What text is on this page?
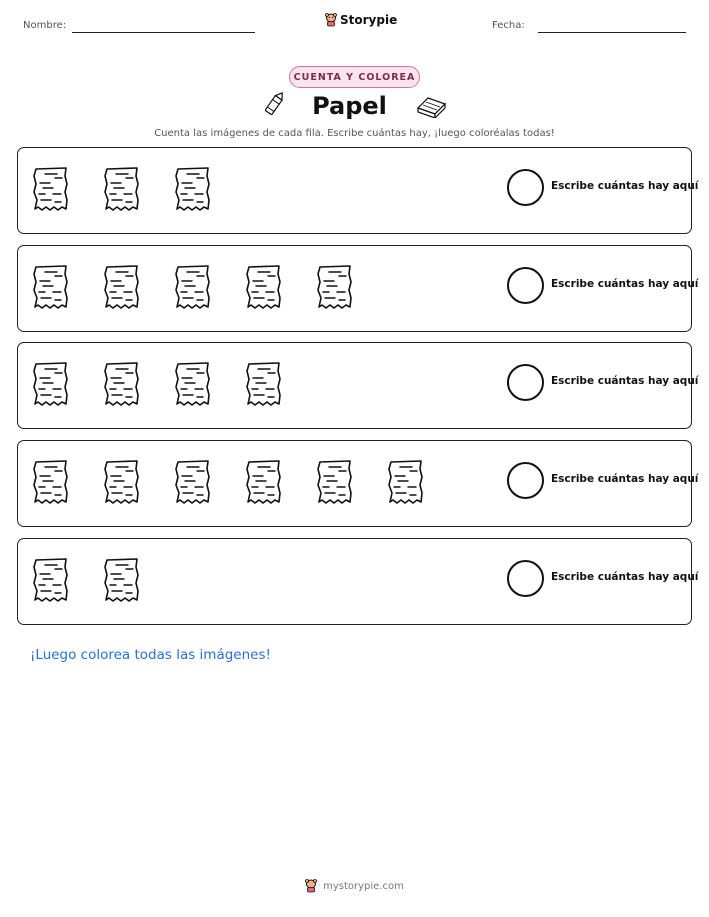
Nombre:	Storypie	Fecha:
CUENTA Y COLOREA
Papel
Cuenta las imágenes de cada fila. Escribe cuántas hay, ¡luego coloréalas todas!
Escribe cuántas hay aquí
Escribe cuántas hay aquí
Escribe cuántas hay aquí
Escribe cuántas hay aquí
Escribe cuántas hay aquí
¡Luego colorea todas las imágenes!
mystorypie.com
